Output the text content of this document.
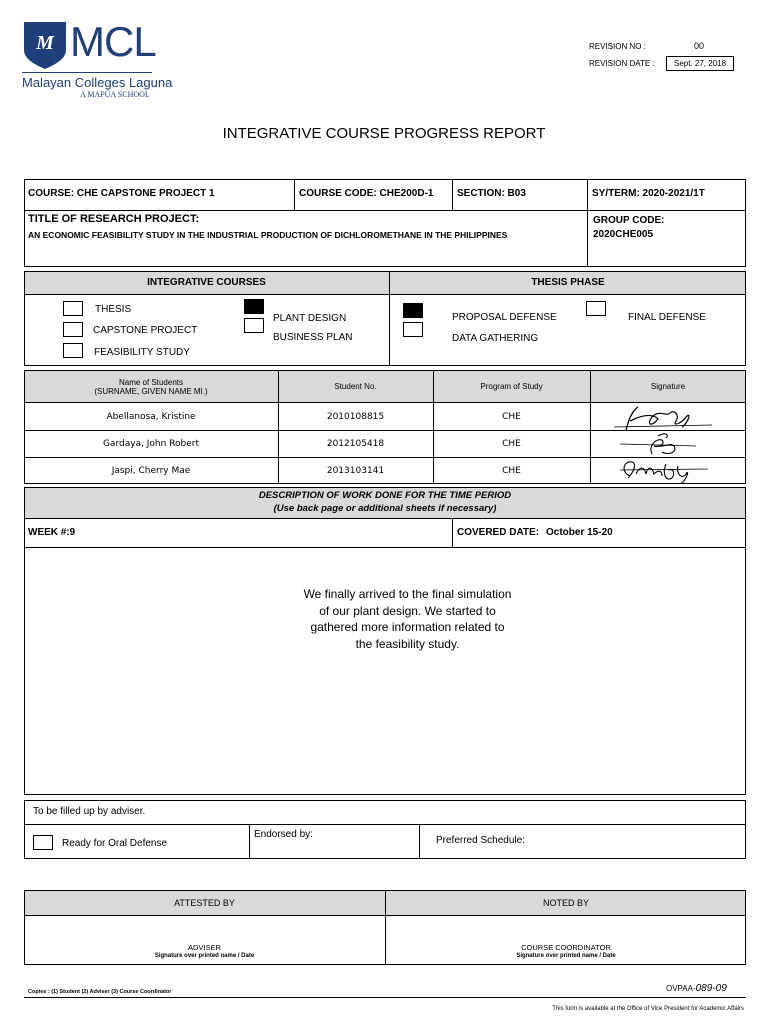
M MCL
Malayan Colleges Laguna
A MAPÚA SCHOOL
REVISION NO :	00
REVISION DATE : Sept. 27, 2018
INTEGRATIVE COURSE PROGRESS REPORT
COURSE: CHE CAPSTONE PROJECT 1	COURSE CODE: CHE200D-1 SECTION: B03	SY/TERM: 2020-2021/1T
TITLE OF RESEARCH PROJECT:
AN ECONOMIC FEASIBILITY STUDY IN THE INDUSTRIAL PRODUCTION OF DICHLOROMETHANE IN THE PHILIPPINES
GROUP CODE:
2020CHE005
INTEGRATIVE COURSES	THESIS PHASE
THESIS
CAPSTONE PROJECT
FEASIBILITY STUDY
PLANT DESIGN
BUSINESS PLAN
PROPOSAL DEFENSE
DATA GATHERING
FINAL DEFENSE
Name of Students
(SURNAME, GIVEN NAME MI.)	Student No.	Program of Study	Signature
Abellanosa, Kristine	2010108815	CHE
Gardaya, John Robert	2012105418	CHE
Jaspi, Cherry Mae	2013103141	CHE
DESCRIPTION OF WORK DONE FOR THE TIME PERIOD
(Use back page or additional sheets if necessary)
WEEK #:9	COVERED DATE: October 15-20
We finally arrived to the final simulation
of our plant design. We started to
gathered more information related to
the feasibility study.
To be filled up by adviser.
Ready for Oral Defense
Endorsed by:
Preferred Schedule:
ATTESTED BY	NOTED BY
ADVISER
Signature over printed name / Date
COURSE COORDINATOR
Signature over printed name / Date
Copies : (1) Student (2) Adviser (3) Course Coordinator	OVPAA-089-09
This form is available at the Office of Vice President for Academic Affairs
